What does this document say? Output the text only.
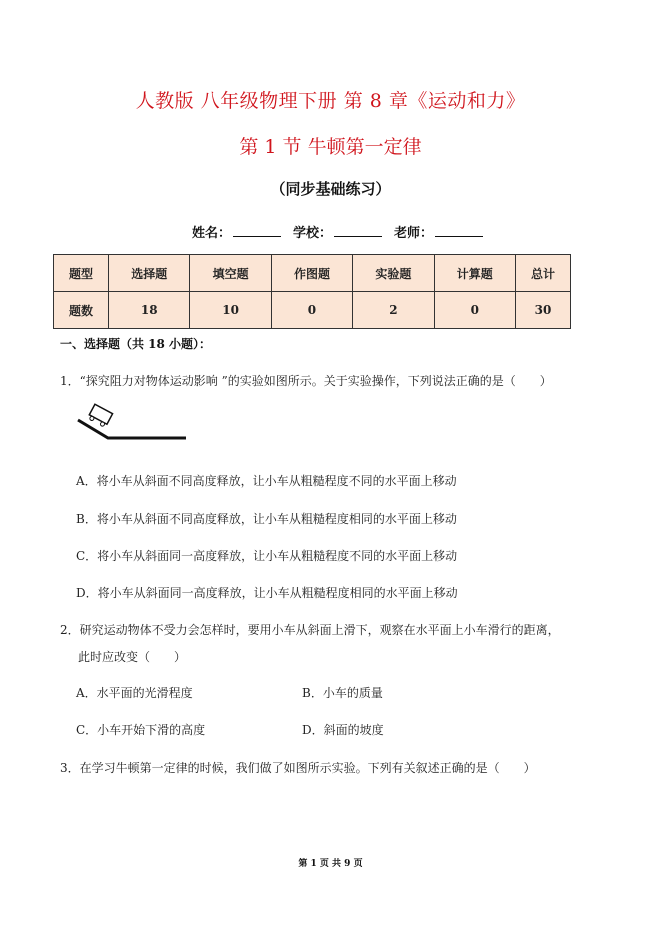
人教版 八年级物理下册 第 8 章《运动和力》
第 1 节 牛顿第一定律
（同步基础练习）
姓名：	学校：	老师：
题型	选择题	填空题	作图题	实验题	计算题	总计
题数	18	10	0	2	0	30
一、选择题（共 18 小题）：
1．“探究阻力对物体运动影响 ”的实验如图所示。关于实验操作，下列说法正确的是（　　）
A．将小车从斜面不同高度释放，让小车从粗糙程度不同的水平面上移动
B．将小车从斜面不同高度释放，让小车从粗糙程度相同的水平面上移动
C．将小车从斜面同一高度释放，让小车从粗糙程度不同的水平面上移动
D．将小车从斜面同一高度释放，让小车从粗糙程度相同的水平面上移动
2．研究运动物体不受力会怎样时，要用小车从斜面上滑下，观察在水平面上小车滑行的距离，
此时应改变（　　）
A．水平面的光滑程度	B．小车的质量
C．小车开始下滑的高度	D．斜面的坡度
3．在学习牛顿第一定律的时候，我们做了如图所示实验。下列有关叙述正确的是（　　）
第 1 页 共 9 页
